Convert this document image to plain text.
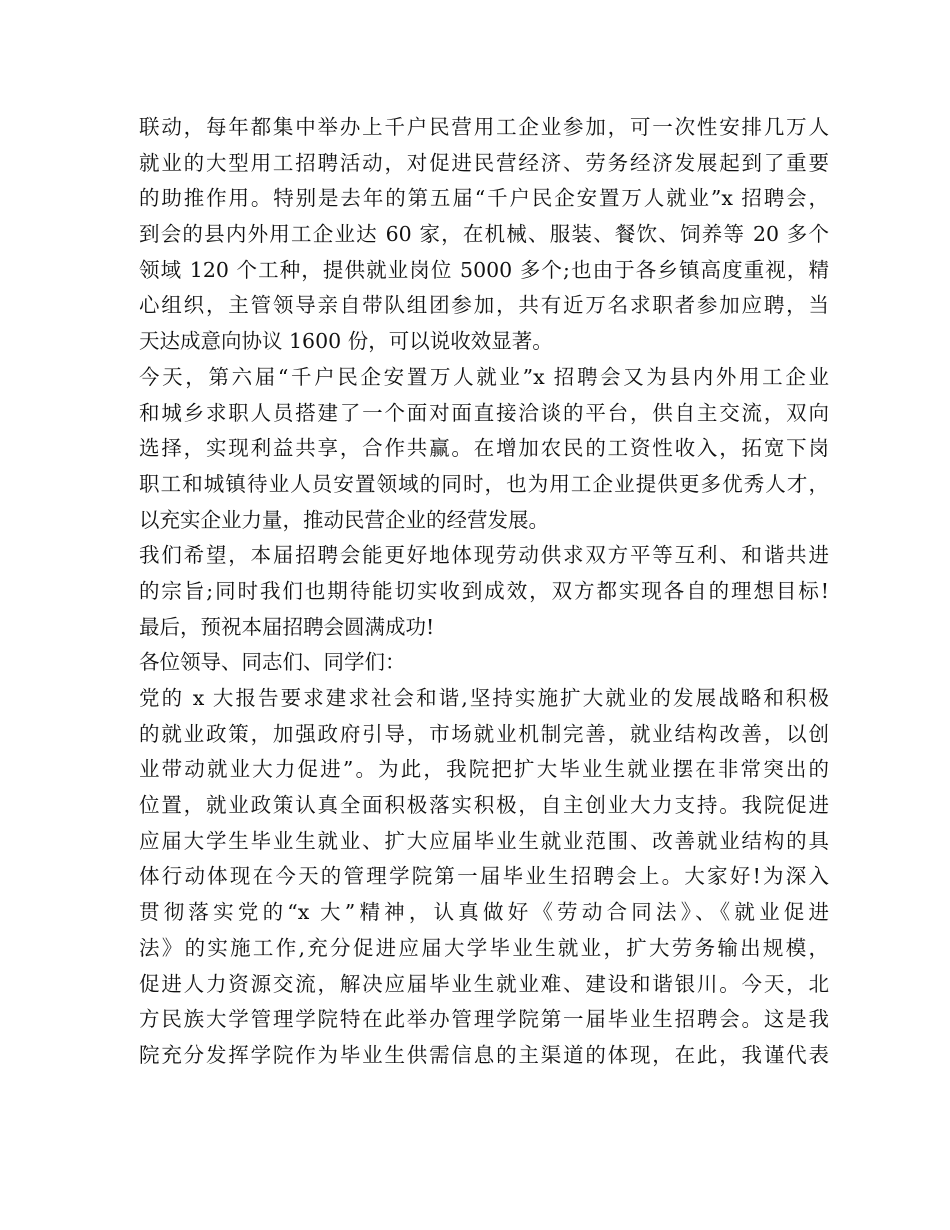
联动，每年都集中举办上千户民营用工企业参加，可一次性安排几万人
就业的大型用工招聘活动，对促进民营经济、劳务经济发展起到了重要
的助推作用。特别是去年的第五届“千户民企安置万人就业”x 招聘会，
到会的县内外用工企业达 60 家，在机械、服装、餐饮、饲养等 20 多个
领域 120 个工种，提供就业岗位 5000 多个;也由于各乡镇高度重视，精
心组织，主管领导亲自带队组团参加，共有近万名求职者参加应聘，当
天达成意向协议 1600 份，可以说收效显著。
今天，第六届“千户民企安置万人就业”x 招聘会又为县内外用工企业
和城乡求职人员搭建了一个面对面直接洽谈的平台，供自主交流，双向
选择，实现利益共享，合作共赢。在增加农民的工资性收入，拓宽下岗
职工和城镇待业人员安置领域的同时，也为用工企业提供更多优秀人才，
以充实企业力量，推动民营企业的经营发展。
我们希望，本届招聘会能更好地体现劳动供求双方平等互利、和谐共进
的宗旨;同时我们也期待能切实收到成效，双方都实现各自的理想目标!
最后，预祝本届招聘会圆满成功!
各位领导、同志们、同学们：
党的 x 大报告要求建求社会和谐,坚持实施扩大就业的发展战略和积极
的就业政策，加强政府引导，市场就业机制完善，就业结构改善，以创
业带动就业大力促进”。为此，我院把扩大毕业生就业摆在非常突出的
位置，就业政策认真全面积极落实积极，自主创业大力支持。我院促进
应届大学生毕业生就业、扩大应届毕业生就业范围、改善就业结构的具
体行动体现在今天的管理学院第一届毕业生招聘会上。大家好!为深入
贯彻落实党的“x 大”精神，认真做好《劳动合同法》、《就业促进
法》的实施工作,充分促进应届大学毕业生就业，扩大劳务输出规模，
促进人力资源交流，解决应届毕业生就业难、建设和谐银川。今天，北
方民族大学管理学院特在此举办管理学院第一届毕业生招聘会。这是我
院充分发挥学院作为毕业生供需信息的主渠道的体现，在此，我谨代表
